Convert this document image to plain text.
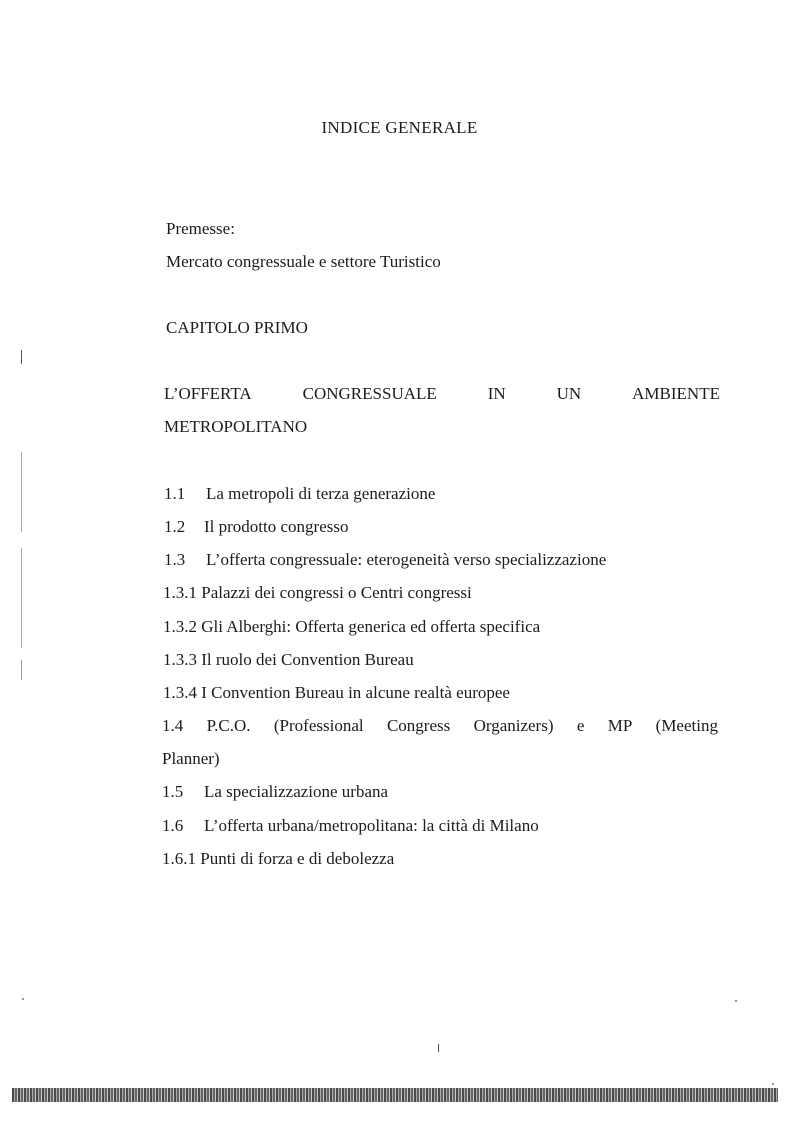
INDICE GENERALE
Premesse:
Mercato congressuale e settore Turistico
CAPITOLO PRIMO
L’OFFERTA	CONGRESSUALE	IN	UN	AMBIENTE
METROPOLITANO
1.1 La metropoli di terza generazione
1.2 Il prodotto congresso
1.3 L’offerta congressuale: eterogeneità verso specializzazione
1.3.1 Palazzi dei congressi o Centri congressi
1.3.2 Gli Alberghi: Offerta generica ed offerta specifica
1.3.3 Il ruolo dei Convention Bureau
1.3.4 I Convention Bureau in alcune realtà europee
1.4 P.C.O. (Professional Congress Organizers) e MP (Meeting
Planner)
1.5 La specializzazione urbana
1.6 L’offerta urbana/metropolitana: la città di Milano
1.6.1 Punti di forza e di debolezza
